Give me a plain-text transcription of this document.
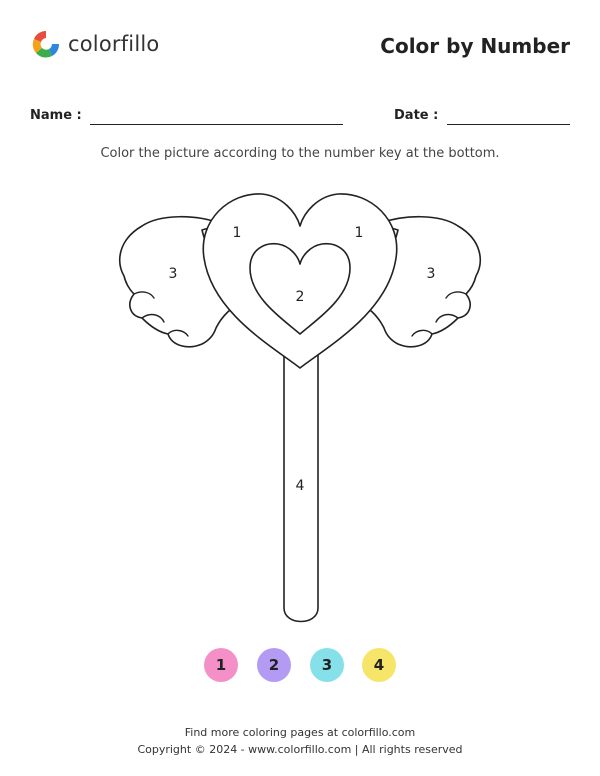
colorfillo	Color by Number
Name :	Date :
Color the picture according to the number key at the bottom.
1	1
2
3	3
4
1	2	3	4
Find more coloring pages at colorfillo.com
Copyright © 2024 - www.colorfillo.com | All rights reserved
